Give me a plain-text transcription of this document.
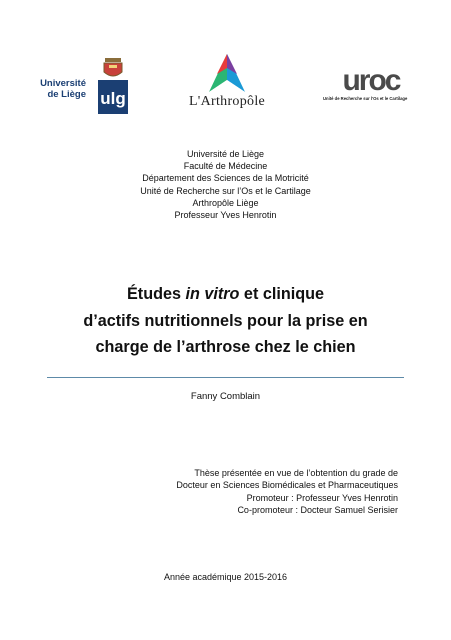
Université
de Liège ulg	L'Arthropôle
uroc
Unité de Recherche sur l'Os et le Cartilage
Université de Liège
Faculté de Médecine
Département des Sciences de la Motricité
Unité de Recherche sur l’Os et le Cartilage
Arthropôle Liège
Professeur Yves Henrotin
Études in vitro et clinique
d’actifs nutritionnels pour la prise en
charge de l’arthrose chez le chien
Fanny Comblain
Thèse présentée en vue de l’obtention du grade de
Docteur en Sciences Biomédicales et Pharmaceutiques
Promoteur : Professeur Yves Henrotin
Co-promoteur : Docteur Samuel Serisier
Année académique 2015-2016
